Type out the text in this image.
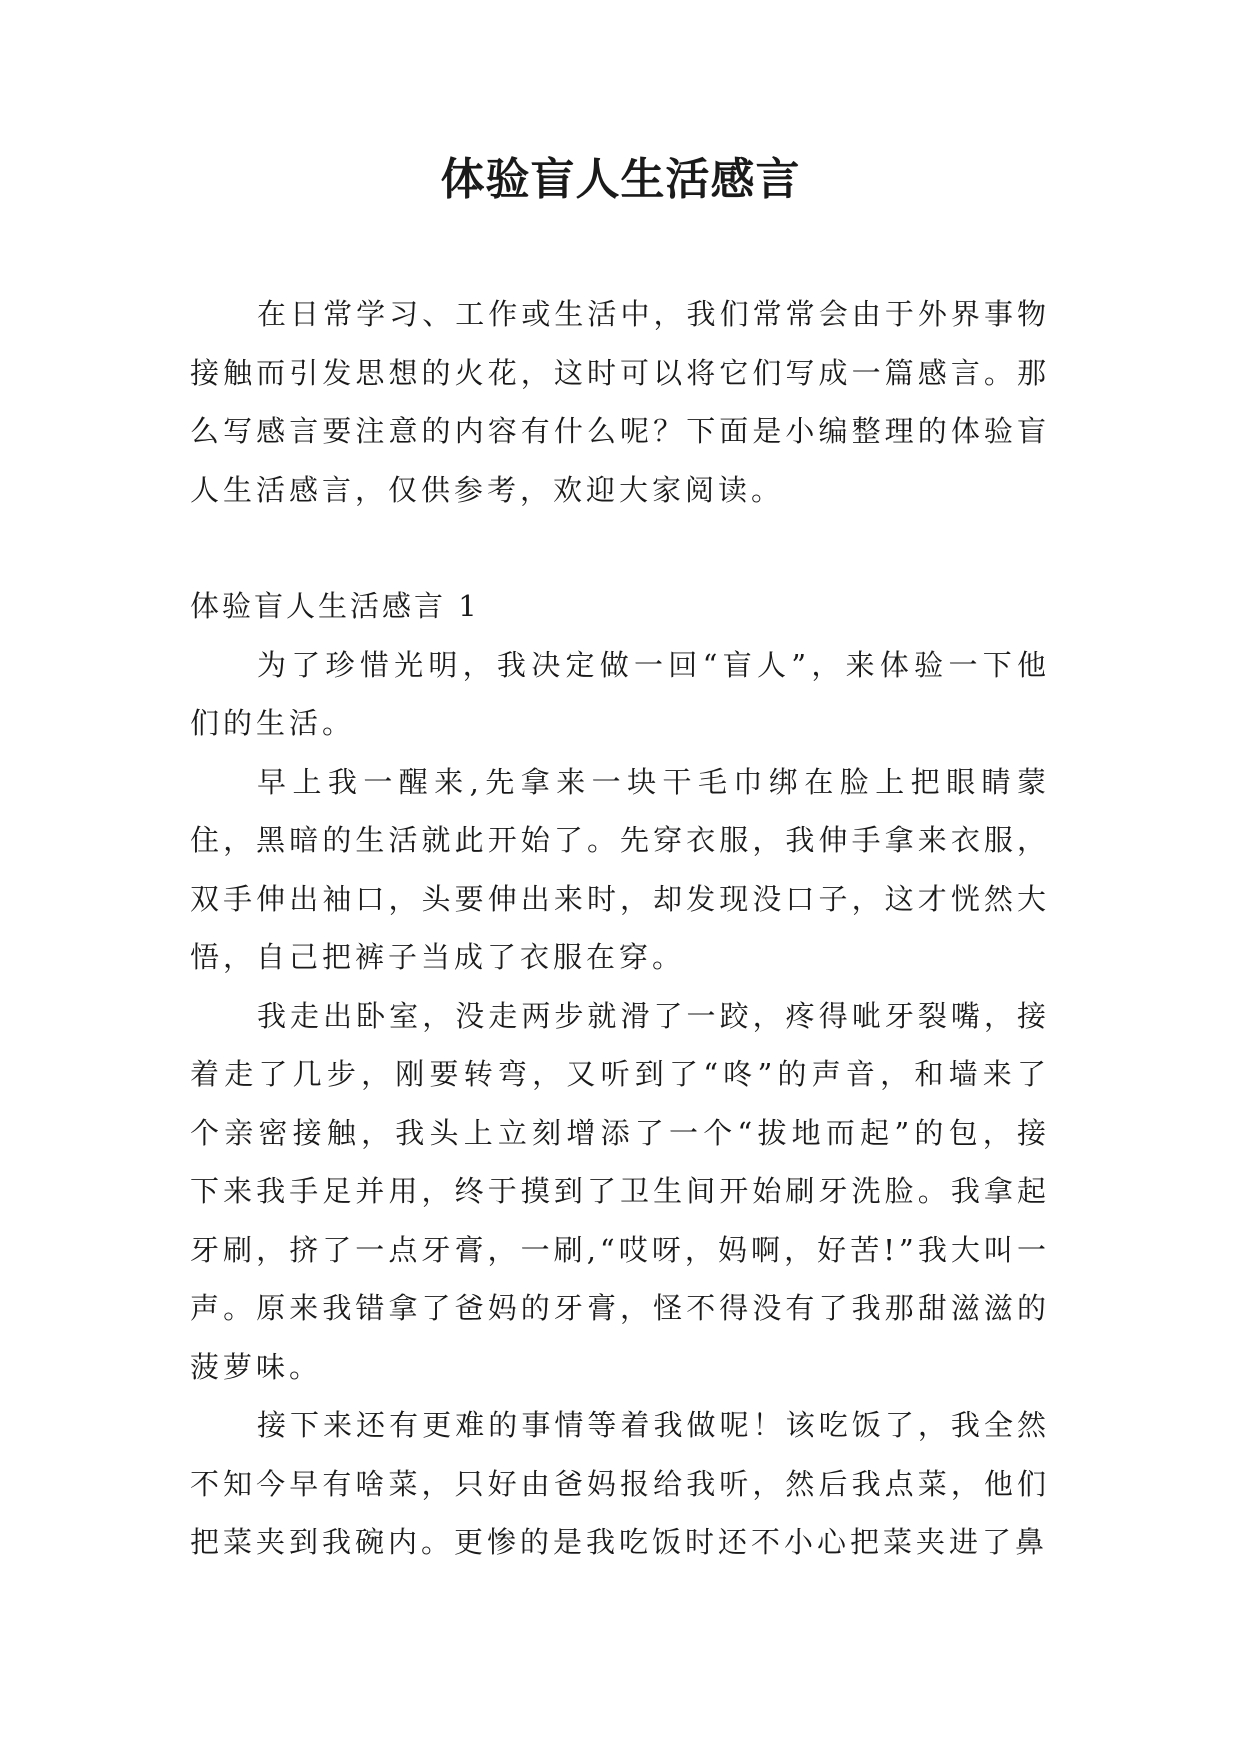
体验盲人生活感言

在日常学习、工作或生活中，我们常常会由于外界事物接触而引发思想的火花，这时可以将它们写成一篇感言。那么写感言要注意的内容有什么呢？下面是小编整理的体验盲人生活感言，仅供参考，欢迎大家阅读。

体验盲人生活感言 1

为了珍惜光明，我决定做一回“盲人”，来体验一下他们的生活。

早上我一醒来,先拿来一块干毛巾绑在脸上把眼睛蒙住，黑暗的生活就此开始了。先穿衣服，我伸手拿来衣服，双手伸出袖口，头要伸出来时，却发现没口子，这才恍然大悟，自己把裤子当成了衣服在穿。

我走出卧室，没走两步就滑了一跤，疼得呲牙裂嘴，接着走了几步，刚要转弯，又听到了“咚”的声音，和墙来了个亲密接触，我头上立刻增添了一个“拔地而起”的包，接下来我手足并用，终于摸到了卫生间开始刷牙洗脸。我拿起牙刷，挤了一点牙膏，一刷,“哎呀，妈啊，好苦!”我大叫一声。原来我错拿了爸妈的牙膏，怪不得没有了我那甜滋滋的菠萝味。

接下来还有更难的事情等着我做呢！该吃饭了，我全然不知今早有啥菜，只好由爸妈报给我听，然后我点菜，他们把菜夹到我碗内。更惨的是我吃饭时还不小心把菜夹进了鼻
